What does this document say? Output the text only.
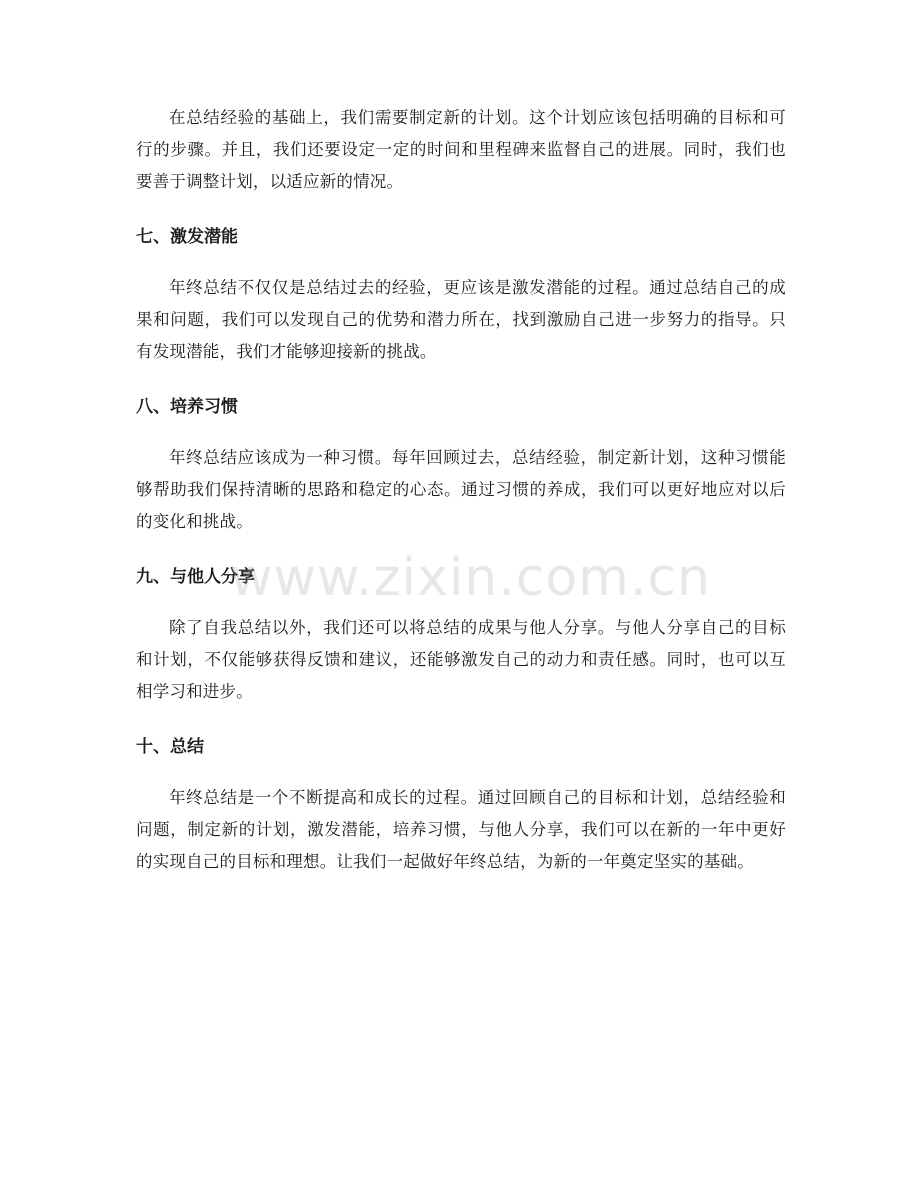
在总结经验的基础上，我们需要制定新的计划。这个计划应该包括明确的目标和可行的步骤。并且，我们还要设定一定的时间和里程碑来监督自己的进展。同时，我们也要善于调整计划，以适应新的情况。

七、激发潜能

年终总结不仅仅是总结过去的经验，更应该是激发潜能的过程。通过总结自己的成果和问题，我们可以发现自己的优势和潜力所在，找到激励自己进一步努力的指导。只有发现潜能，我们才能够迎接新的挑战。

八、培养习惯

年终总结应该成为一种习惯。每年回顾过去，总结经验，制定新计划，这种习惯能够帮助我们保持清晰的思路和稳定的心态。通过习惯的养成，我们可以更好地应对以后的变化和挑战。

九、与他人分享

除了自我总结以外，我们还可以将总结的成果与他人分享。与他人分享自己的目标和计划，不仅能够获得反馈和建议，还能够激发自己的动力和责任感。同时，也可以互相学习和进步。

十、总结

年终总结是一个不断提高和成长的过程。通过回顾自己的目标和计划，总结经验和问题，制定新的计划，激发潜能，培养习惯，与他人分享，我们可以在新的一年中更好的实现自己的目标和理想。让我们一起做好年终总结，为新的一年奠定坚实的基础。

www.zixin.com.cn
